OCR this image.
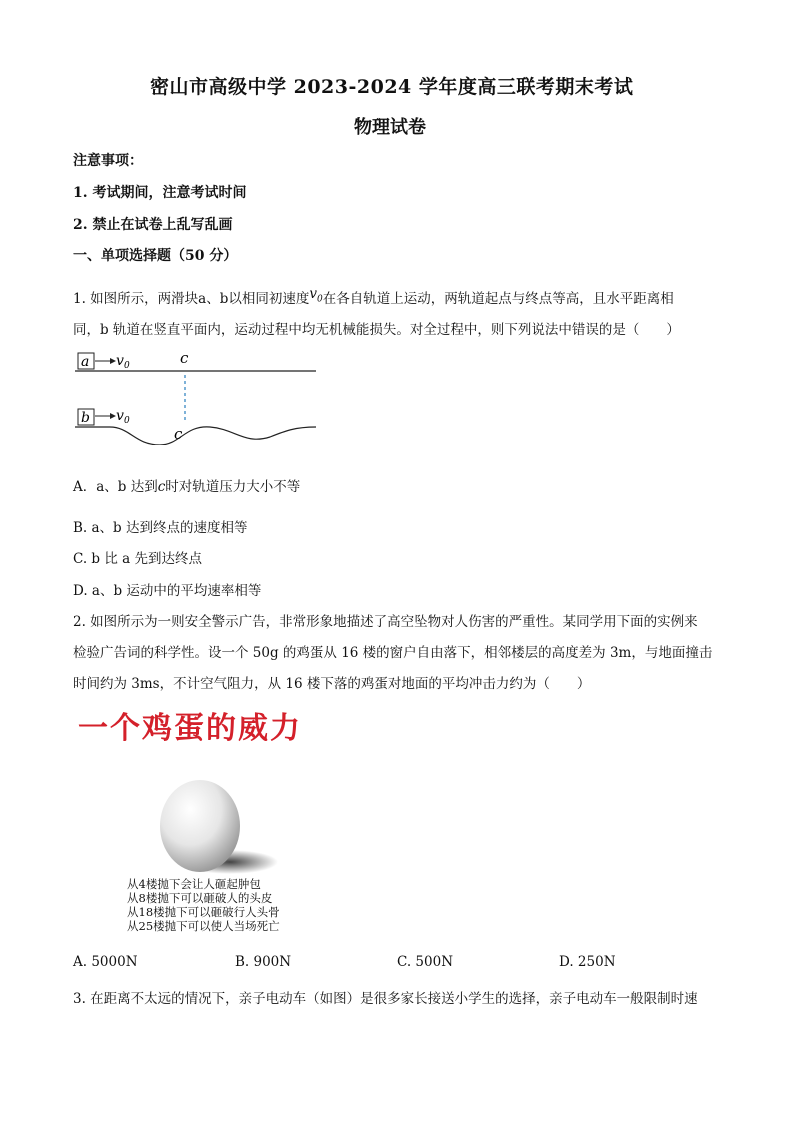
密山市高级中学 2023-2024 学年度高三联考期末考试
物理试卷
注意事项：
1. 考试期间，注意考试时间
2. 禁止在试卷上乱写乱画
一、单项选择题（50 分）
1. 如图所示，两滑块a、b以相同初速度$v_0$在各自轨道上运动，两轨道起点与终点等高，且水平距离相
同，b 轨道在竖直平面内，运动过程中均无机械能损失。对全过程中，则下列说法中错误的是（　　）
a v 0	c
b v 0
c
A．a、b 达到c时对轨道压力大小不等
B. a、b 达到终点的速度相等
C. b 比 a 先到达终点
D. a、b 运动中的平均速率相等
2. 如图所示为一则安全警示广告，非常形象地描述了高空坠物对人伤害的严重性。某同学用下面的实例来
检验广告词的科学性。设一个 50g 的鸡蛋从 16 楼的窗户自由落下，相邻楼层的高度差为 3m，与地面撞击
时间约为 3ms，不计空气阻力，从 16 楼下落的鸡蛋对地面的平均冲击力约为（　　）
一个鸡蛋的威力
从4楼抛下会让人砸起肿包
从8楼抛下可以砸破人的头皮
从18楼抛下可以砸破行人头骨
从25楼抛下可以使人当场死亡
A. 5000N	B. 900N	C. 500N	D. 250N
3. 在距离不太远的情况下，亲子电动车（如图）是很多家长接送小学生的选择，亲子电动车一般限制时速
